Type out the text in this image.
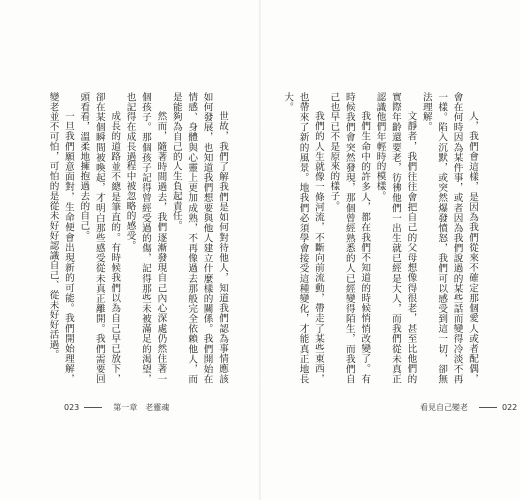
世故，我們了解我們是如何對待他人，知道我們認為事情應該如何發展，也知道我們想要與他人建立什麼樣的關係。我們開始在情感、身體與心靈上更加成熟，不再像過去那般完全依賴他人，而是能夠為自己的人生負起責任。

然而，隨著時間過去，我們逐漸發現自己內心深處仍然住著一個孩子。那個孩子記得曾經受過的傷，記得那些未被滿足的渴望，也記得在成長過程中被忽略的感受。

成長的道路並不總是筆直的。有時候我們以為自己早已放下，卻在某個瞬間被喚起，才明白那些感受從未真正離開。我們需要回頭看看，溫柔地擁抱過去的自己。

一旦我們願意面對，生命便會出現新的可能。我們開始理解，變老並不可怕，可怕的是從未好好認識自己、從未好好活過。

023	第一章　老靈魂

人，我們會這樣，是因為我們從來不確定那個愛人或者配偶，會在何時因為某件事，或者因為我們說過的某些話而變得冷淡不再一樣。陷入沉默，或突然爆發憤怒，我們可以感受到這一切，卻無法理解。

文靜者，我們往往會把自己的父母想像得很老，甚至比他們的實際年齡還要老，彷彿他們一出生就已經是大人，而我們從未真正認識他們年輕時的模樣。

我們生命中的許多人，都在我們不知道的時候悄悄改變了。有時候我們會突然發現，那個曾經熟悉的人已經變得陌生，而我們自己也早已不是原來的樣子。

我們的人生就像一條河流，不斷向前流動，帶走了某些東西，也帶來了新的風景。地我們必須學會接受這種變化，才能真正地長大。

看見自己變老	022
